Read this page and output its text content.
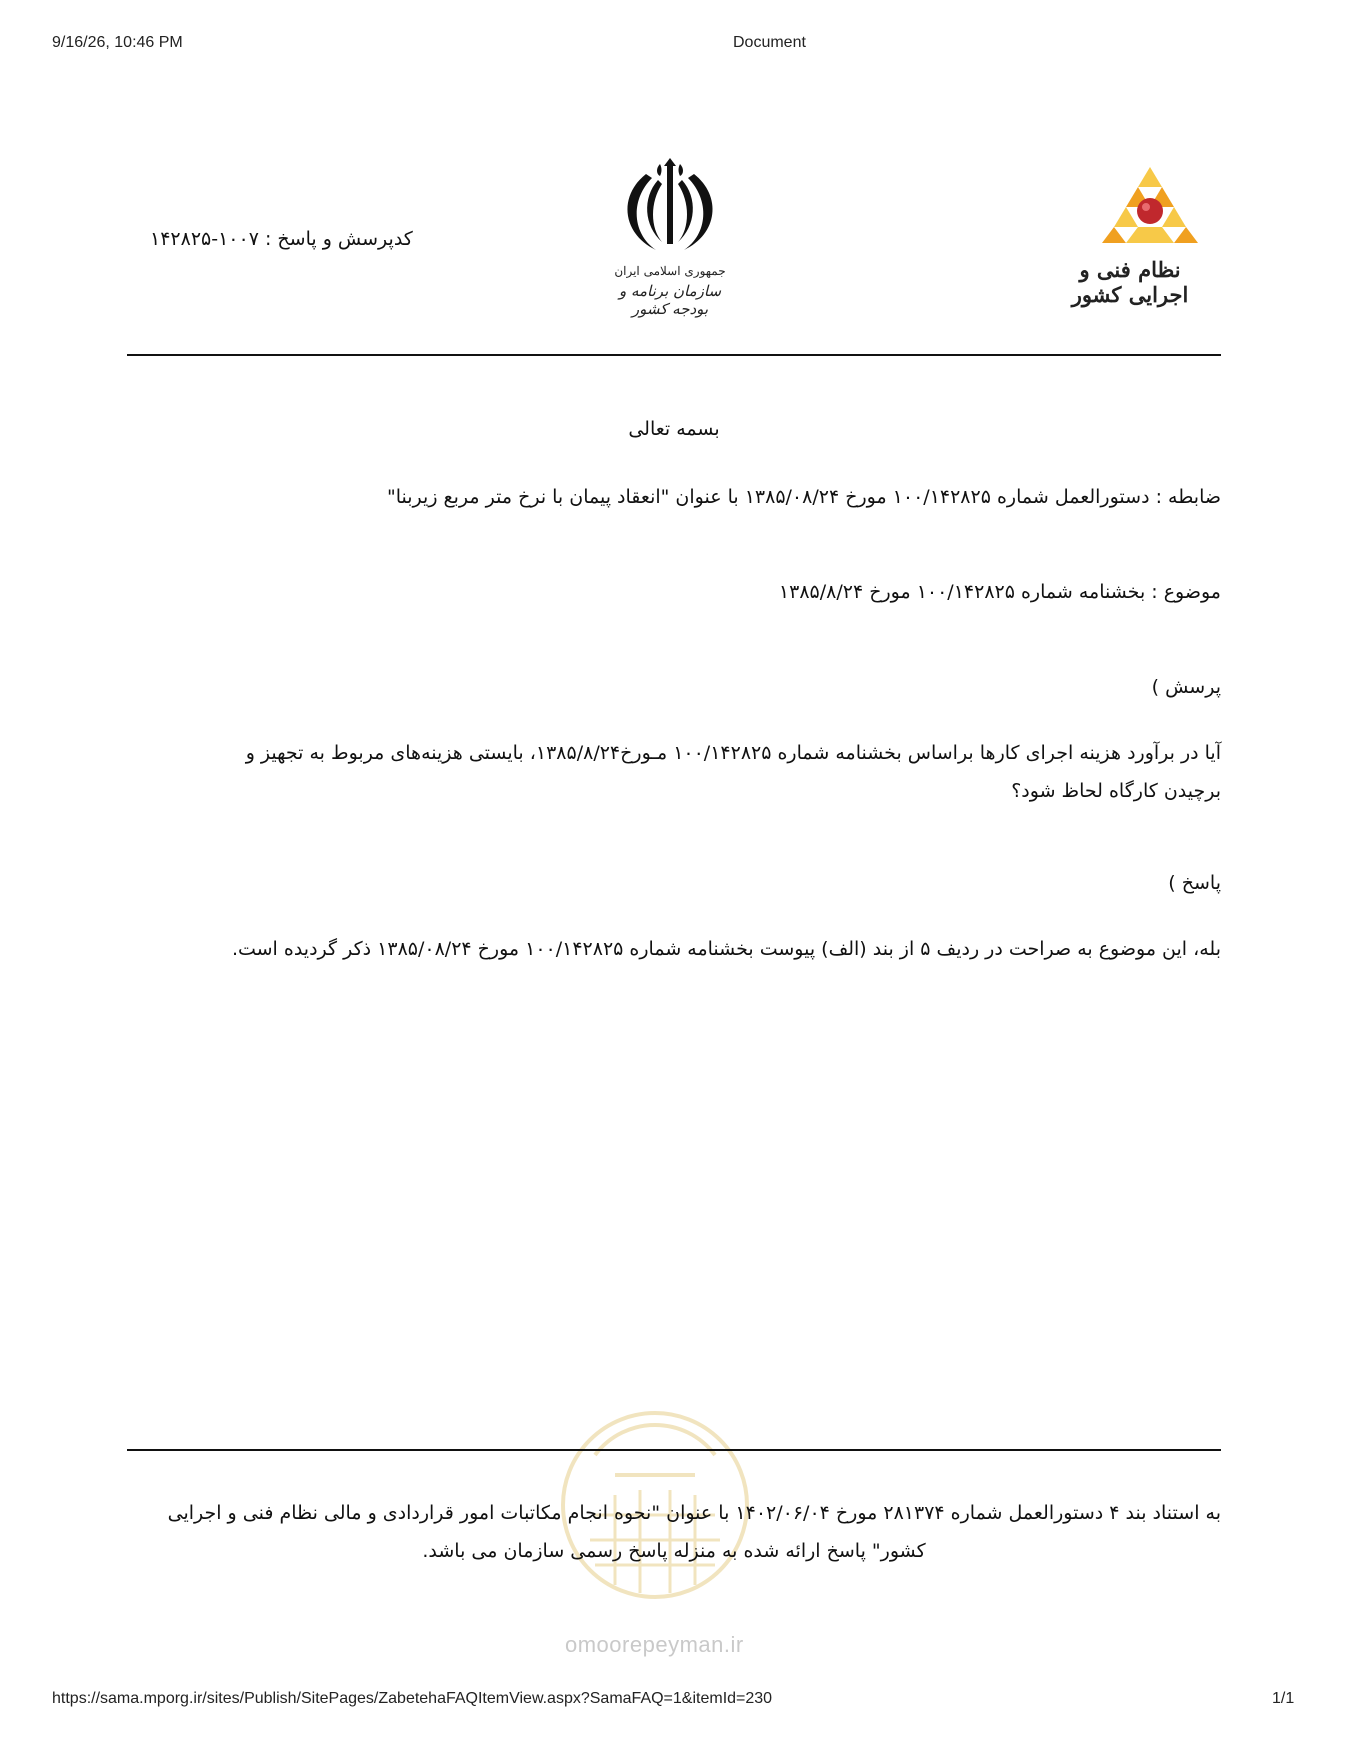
9/16/26, 10:46 PM	Document
کدپرسش و پاسخ : ۱۰۰۷-۱۴۲۸۲۵
جمهوری اسلامی ایران
سازمان برنامه و بودجه کشور
نظام فنی و اجرایی کشور
بسمه تعالی
ضابطه : دستورالعمل شماره ۱۰۰/۱۴۲۸۲۵ مورخ ۱۳۸۵/۰۸/۲۴ با عنوان "انعقاد پیمان با نرخ متر مربع زیربنا"
موضوع : بخشنامه شماره ۱۰۰/۱۴۲۸۲۵ مورخ ۱۳۸۵/۸/۲۴
پرسش )
آیا در برآورد هزینه اجرای کارها براساس بخشنامه شماره ۱۰۰/۱۴۲۸۲۵ مـورخ۱۳۸۵/۸/۲۴، بایستی هزینه‌های مربوط به تجهیز و
برچیدن کارگاه لحاظ شود؟
پاسخ )
بله، این موضوع به صراحت در ردیف ۵ از بند (الف) پیوست بخشنامه شماره ۱۰۰/۱۴۲۸۲۵ مورخ ۱۳۸۵/۰۸/۲۴ ذکر گردیده است.
omoorepeyman.ir
به استناد بند ۴ دستورالعمل شماره ۲۸۱۳۷۴ مورخ ۱۴۰۲/۰۶/۰۴ با عنوان "نحوه انجام مکاتبات امور قراردادی و مالی نظام فنی و اجرایی
کشور" پاسخ ارائه شده به منزله پاسخ رسمی سازمان می باشد.
https://sama.mporg.ir/sites/Publish/SitePages/ZabetehaFAQItemView.aspx?SamaFAQ=1&itemId=230	1/1
